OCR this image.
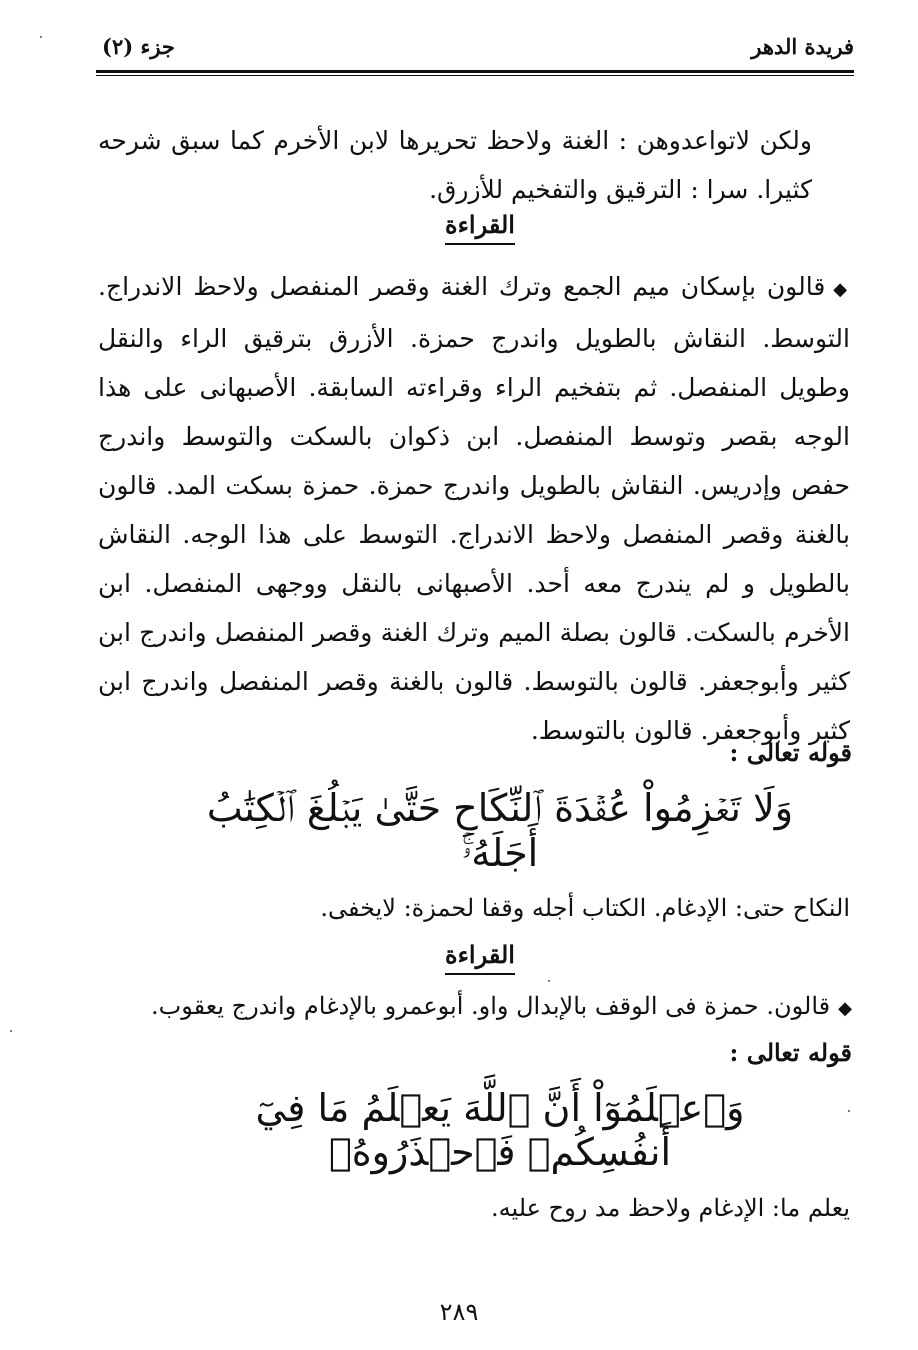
فريدة الدهر
جزء (٢)
ولكن لاتواعدوهن : الغنة ولاحظ تحريرها لابن الأخرم كما سبق شرحه كثيرا. سرا : الترقيق والتفخيم للأزرق.
القراءة
◆قالون بإسكان ميم الجمع وترك الغنة وقصر المنفصل ولاحظ الاندراج. التوسط. النقاش بالطويل واندرج حمزة. الأزرق بترقيق الراء والنقل وطويل المنفصل. ثم بتفخيم الراء وقراءته السابقة. الأصبهانى على هذا الوجه بقصر وتوسط المنفصل. ابن ذكوان بالسكت والتوسط واندرج حفص وإدريس. النقاش بالطويل واندرج حمزة. حمزة بسكت المد. قالون بالغنة وقصر المنفصل ولاحظ الاندراج. التوسط على هذا الوجه. النقاش بالطويل و لم يندرج معه أحد. الأصبهانى بالنقل ووجهى المنفصل. ابن الأخرم بالسكت. قالون بصلة الميم وترك الغنة وقصر المنفصل واندرج ابن كثير وأبوجعفر. قالون بالتوسط. قالون بالغنة وقصر المنفصل واندرج ابن كثير وأبوجعفر. قالون بالتوسط.
قوله تعالى :
وَلَا تَعۡزِمُواْ عُقۡدَةَ ٱلنِّكَاحِ حَتَّىٰ يَبۡلُغَ ٱلۡكِتَٰبُ أَجَلَهُۥۚ
النكاح حتى: الإدغام. الكتاب أجله وقفا لحمزة: لايخفى.
القراءة
◆قالون. حمزة فى الوقف بالإبدال واو. أبوعمرو بالإدغام واندرج يعقوب.
قوله تعالى :
وَٱعۡلَمُوٓاْ أَنَّ ٱللَّهَ يَعۡلَمُ مَا فِيٓ أَنفُسِكُمۡ فَٱحۡذَرُوهُۚ
يعلم ما: الإدغام ولاحظ مد روح عليه.
٢٨٩
